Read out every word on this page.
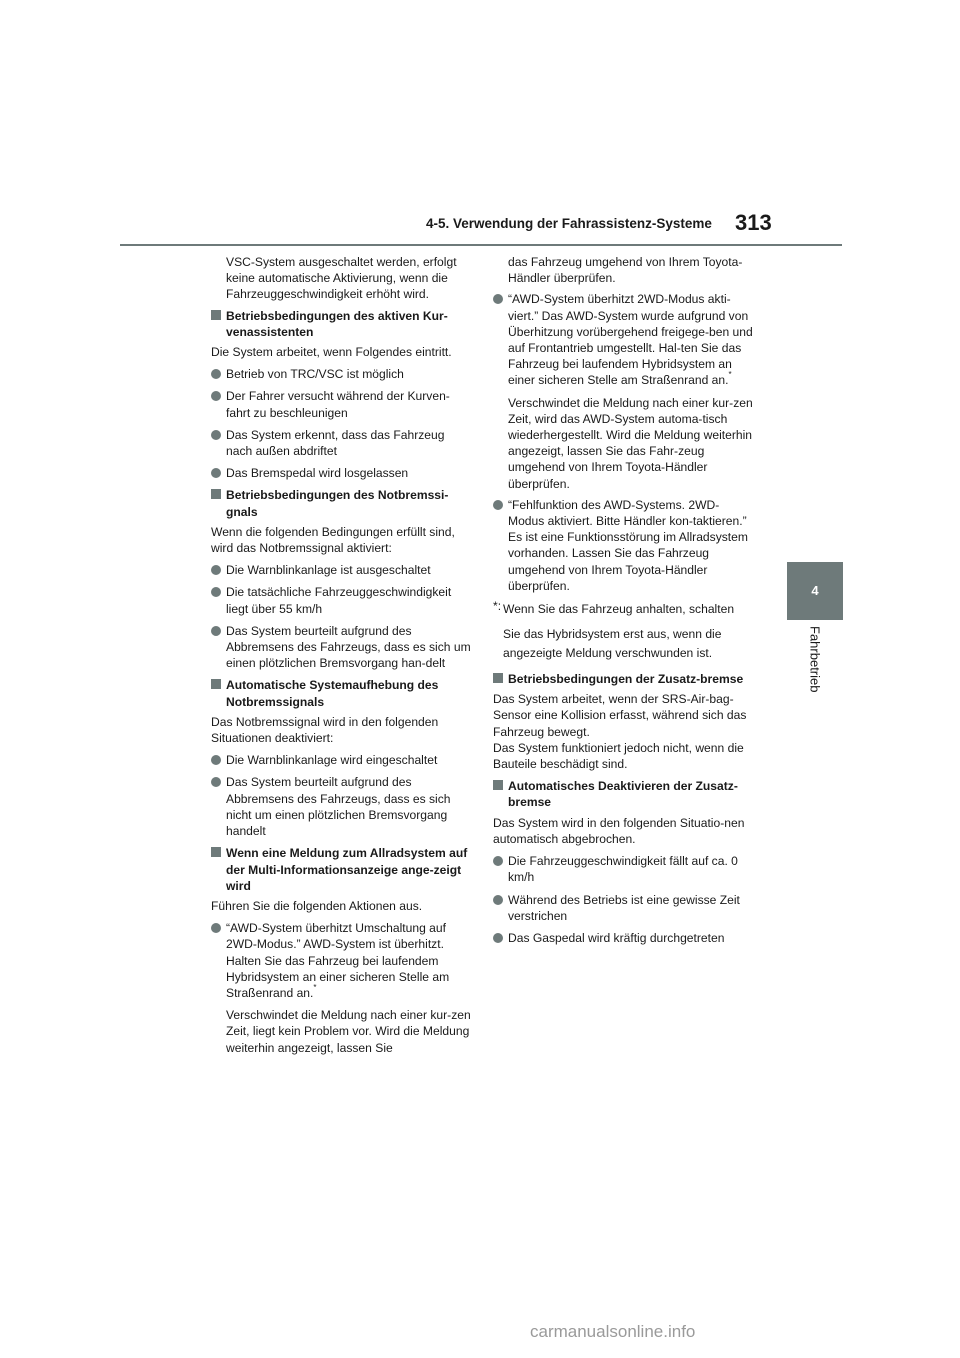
4-5. Verwendung der Fahrassistenz-Systeme 313
4
Fahrbetrieb

VSC-System ausgeschaltet werden, erfolgt keine automatische Aktivierung, wenn die Fahrzeuggeschwindigkeit erhöht wird.

Betriebsbedingungen des aktiven Kur-venassistenten

Die System arbeitet, wenn Folgendes eintritt.

Betrieb von TRC/VSC ist möglich
Der Fahrer versucht während der Kurven-fahrt zu beschleunigen
Das System erkennt, dass das Fahrzeug nach außen abdriftet
Das Bremspedal wird losgelassen
Betriebsbedingungen des Notbremssi-gnals

Wenn die folgenden Bedingungen erfüllt sind, wird das Notbremssignal aktiviert:

Die Warnblinkanlage ist ausgeschaltet
Die tatsächliche Fahrzeuggeschwindigkeit liegt über 55 km/h
Das System beurteilt aufgrund des Abbremsens des Fahrzeugs, dass es sich um einen plötzlichen Bremsvorgang han-delt
Automatische Systemaufhebung des Notbremssignals

Das Notbremssignal wird in den folgenden Situationen deaktiviert:

Die Warnblinkanlage wird eingeschaltet
Das System beurteilt aufgrund des Abbremsens des Fahrzeugs, dass es sich nicht um einen plötzlichen Bremsvorgang handelt
Wenn eine Meldung zum Allradsystem auf der Multi-Informationsanzeige ange-zeigt wird

Führen Sie die folgenden Aktionen aus.

“AWD-System überhitzt Umschaltung auf 2WD-Modus.” AWD-System ist überhitzt. Halten Sie das Fahrzeug bei laufendem Hybridsystem an einer sicheren Stelle am Straßenrand an.*

Verschwindet die Meldung nach einer kur-zen Zeit, liegt kein Problem vor. Wird die Meldung weiterhin angezeigt, lassen Sie

das Fahrzeug umgehend von Ihrem Toyota-Händler überprüfen.

“AWD-System überhitzt 2WD-Modus akti-viert.” Das AWD-System wurde aufgrund von Überhitzung vorübergehend freigege-ben und auf Frontantrieb umgestellt. Hal-ten Sie das Fahrzeug bei laufendem Hybridsystem an einer sicheren Stelle am Straßenrand an.*

Verschwindet die Meldung nach einer kur-zen Zeit, wird das AWD-System automa-tisch wiederhergestellt. Wird die Meldung weiterhin angezeigt, lassen Sie das Fahr-zeug umgehend von Ihrem Toyota-Händler überprüfen.

“Fehlfunktion des AWD-Systems. 2WD-Modus aktiviert. Bitte Händler kon-taktieren.” Es ist eine Funktionsstörung im Allradsystem vorhanden. Lassen Sie das Fahrzeug umgehend von Ihrem Toyota-Händler überprüfen.
*: Wenn Sie das Fahrzeug anhalten, schalten

Sie das Hybridsystem erst aus, wenn die angezeigte Meldung verschwunden ist.

Betriebsbedingungen der Zusatz-bremse

Das System arbeitet, wenn der SRS-Air-bag-Sensor eine Kollision erfasst, während sich das Fahrzeug bewegt.

Das System funktioniert jedoch nicht, wenn die Bauteile beschädigt sind.

Automatisches Deaktivieren der Zusatz-bremse

Das System wird in den folgenden Situatio-nen automatisch abgebrochen.

Die Fahrzeuggeschwindigkeit fällt auf ca. 0 km/h
Während des Betriebs ist eine gewisse Zeit verstrichen
Das Gaspedal wird kräftig durchgetreten
carmanualsonline.info
